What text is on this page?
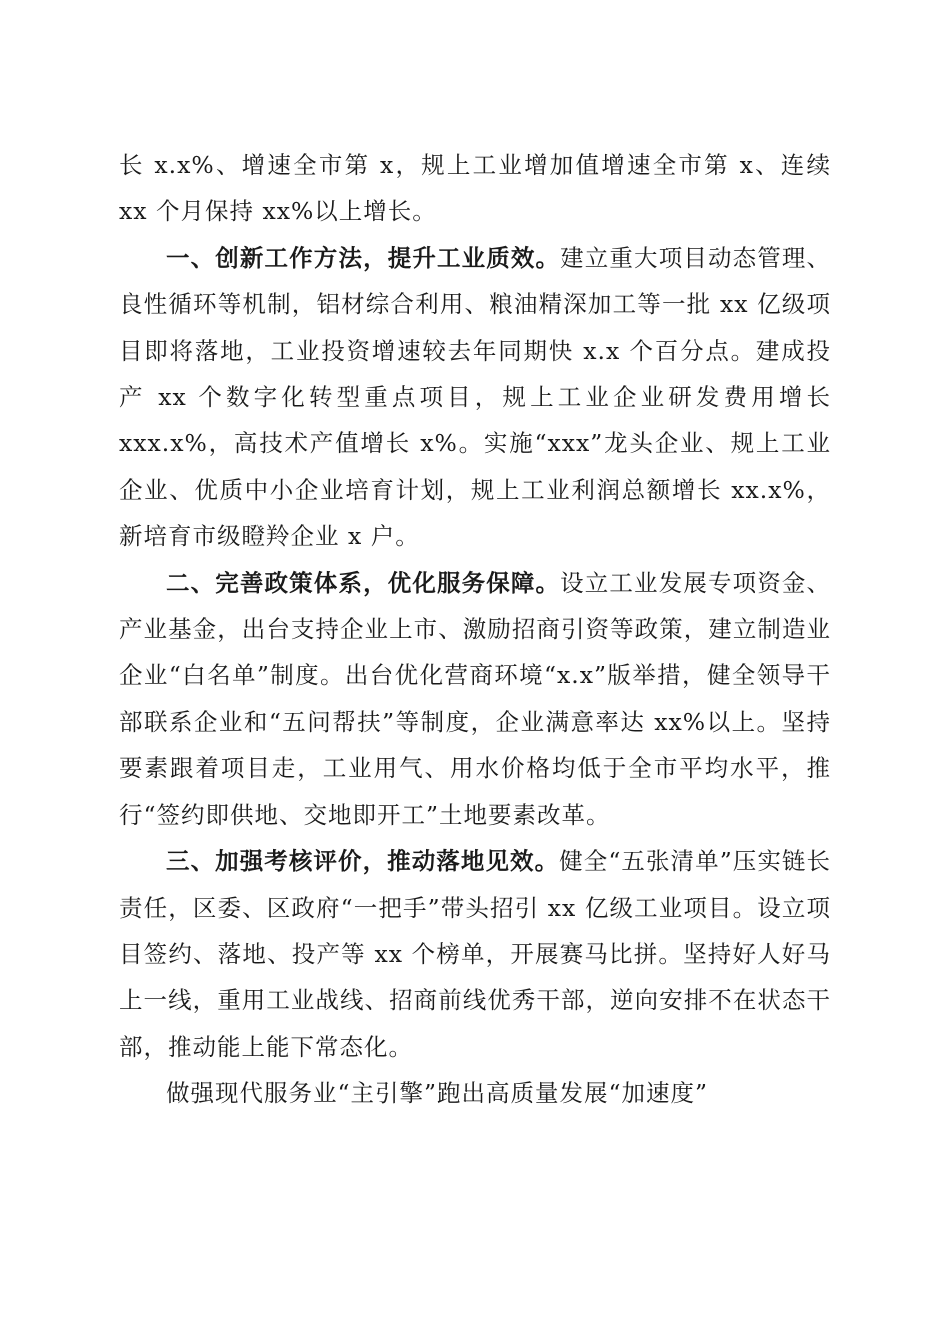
长 x.x%、增速全市第 x，规上工业增加值增速全市第 x、连续 xx 个月保持 xx%以上增长。

一、创新工作方法，提升工业质效。建立重大项目动态管理、良性循环等机制，铝材综合利用、粮油精深加工等一批 xx 亿级项目即将落地，工业投资增速较去年同期快 x.x 个百分点。建成投产 xx 个数字化转型重点项目，规上工业企业研发费用增长 xxx.x%，高技术产值增长 x%。实施“xxx”龙头企业、规上工业企业、优质中小企业培育计划，规上工业利润总额增长 xx.x%，新培育市级瞪羚企业 x 户。

二、完善政策体系，优化服务保障。设立工业发展专项资金、产业基金，出台支持企业上市、激励招商引资等政策，建立制造业企业“白名单”制度。出台优化营商环境“x.x”版举措，健全领导干部联系企业和“五问帮扶”等制度，企业满意率达 xx%以上。坚持要素跟着项目走，工业用气、用水价格均低于全市平均水平，推行“签约即供地、交地即开工”土地要素改革。

三、加强考核评价，推动落地见效。健全“五张清单”压实链长责任，区委、区政府“一把手”带头招引 xx 亿级工业项目。设立项目签约、落地、投产等 xx 个榜单，开展赛马比拼。坚持好人好马上一线，重用工业战线、招商前线优秀干部，逆向安排不在状态干部，推动能上能下常态化。

做强现代服务业“主引擎”跑出高质量发展“加速度”
